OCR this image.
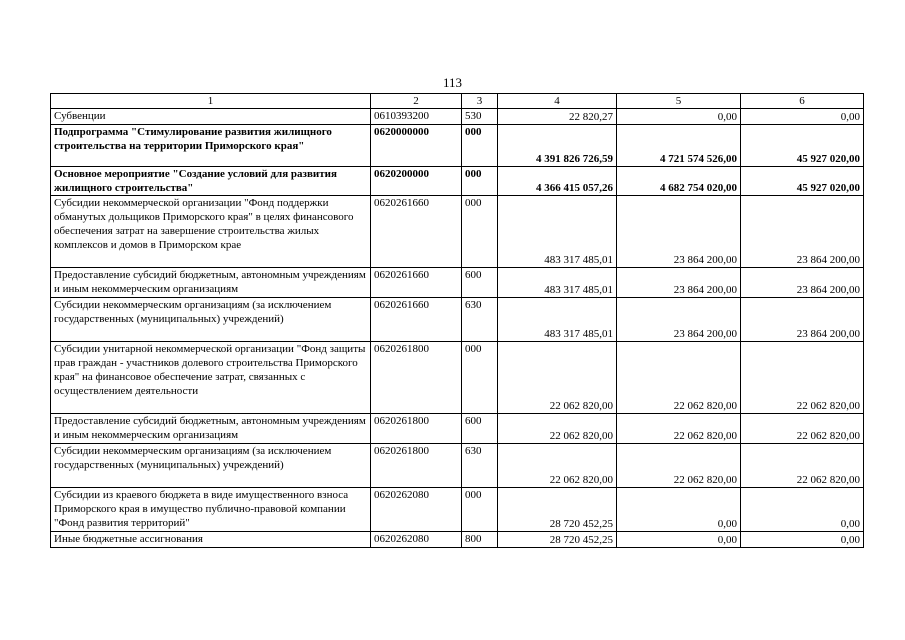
113
1	2	3	4	5	6
Субвенции	0610393200	530	22 820,27	0,00	0,00
Подпрограмма "Стимулирование развития жилищного строительства на территории Приморского края"	0620000000	000	4 391 826 726,59	4 721 574 526,00	45 927 020,00
Основное мероприятие "Создание условий для развития жилищного строительства"	0620200000	000	4 366 415 057,26	4 682 754 020,00	45 927 020,00
Субсидии некоммерческой организации "Фонд поддержки обманутых дольщиков Приморского края" в целях финансового обеспечения затрат на завершение строительства жилых комплексов и домов в Приморском крае	0620261660	000	483 317 485,01	23 864 200,00	23 864 200,00
Предоставление субсидий бюджетным, автономным учреждениям и иным некоммерческим организациям	0620261660	600	483 317 485,01	23 864 200,00	23 864 200,00
Субсидии некоммерческим организациям (за исключением государственных (муниципальных) учреждений)	0620261660	630	483 317 485,01	23 864 200,00	23 864 200,00
Субсидии унитарной некоммерческой организации "Фонд защиты прав граждан - участников долевого строительства Приморского края" на финансовое обеспечение затрат, связанных с осуществлением деятельности	0620261800	000	22 062 820,00	22 062 820,00	22 062 820,00
Предоставление субсидий бюджетным, автономным учреждениям и иным некоммерческим организациям	0620261800	600	22 062 820,00	22 062 820,00	22 062 820,00
Субсидии некоммерческим организациям (за исключением государственных (муниципальных) учреждений)	0620261800	630	22 062 820,00	22 062 820,00	22 062 820,00
Субсидии из краевого бюджета в виде имущественного взноса Приморского края в имущество публично-правовой компании "Фонд развития территорий"	0620262080	000	28 720 452,25	0,00	0,00
Иные бюджетные ассигнования	0620262080	800	28 720 452,25	0,00	0,00
